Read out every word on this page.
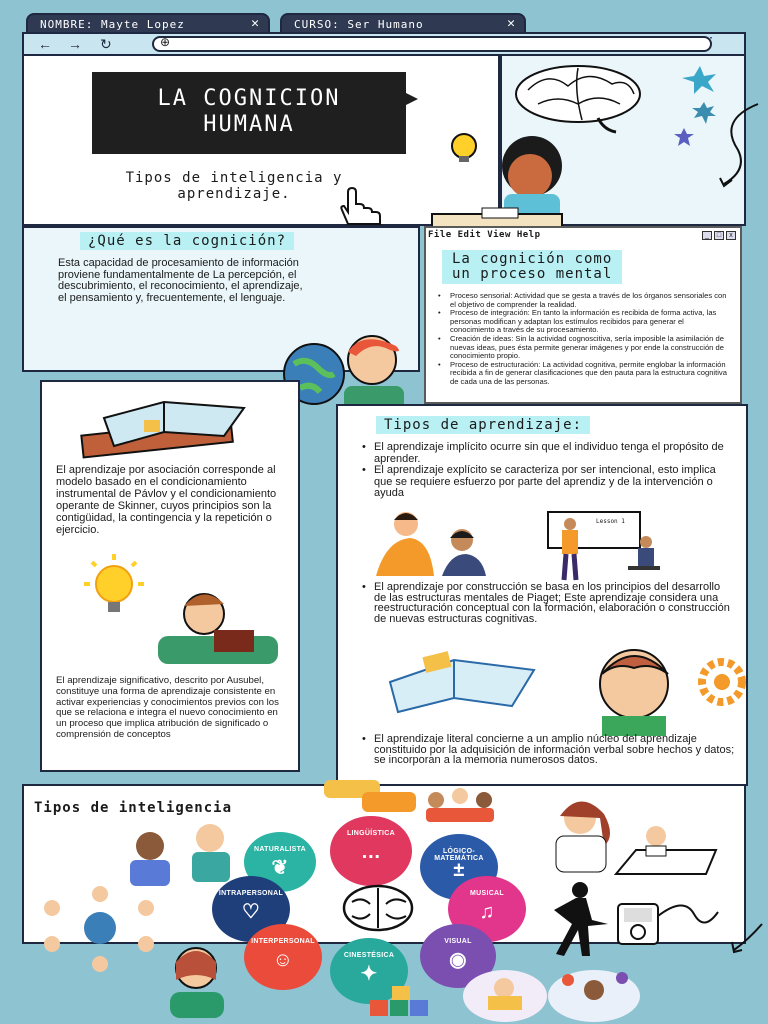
NOMBRE: Mayte Lopez	✕	CURSO: Ser Humano	✕
← → ↻	⊕	⋮
LA COGNICION
HUMANA
Tipos de inteligencia y aprendizaje.
¿Qué es la cognición?
Esta capacidad de procesamiento de información proviene fundamentalmente de La percepción, el descubrimiento, el reconocimiento, el aprendizaje, el pensamiento y, frecuentemente, el lenguaje.
File Edit View Help	_	□	x
La cognición como
un proceso mental
• Proceso sensorial: Actividad que se gesta a través de los órganos sensoriales con el objetivo de comprender la realidad.
• Proceso de integración: En tanto la información es recibida de forma activa, las personas modifican y adaptan los estímulos recibidos para generar el conocimiento a través de su procesamiento.
• Creación de ideas: Sin la actividad cognoscitiva, sería imposible la asimilación de nuevas ideas, pues ésta permite generar imágenes y por ende la construcción de conocimiento propio.
• Proceso de estructuración: La actividad cognitiva, permite englobar la información recibida a fin de generar clasificaciones que den pauta para la estructura cognitiva de cada una de las personas.
El aprendizaje por asociación corresponde al modelo basado en el condicionamiento instrumental de Pávlov y el condicionamiento operante de Skinner, cuyos principios son la contigüidad, la contingencia y la repetición o ejercicio.
El aprendizaje significativo, descrito por Ausubel, constituye una forma de aprendizaje consistente en activar experiencias y conocimientos previos con los que se relaciona e integra el nuevo conocimiento en un proceso que implica atribución de significado o comprensión de conceptos
Tipos de aprendizaje:
• El aprendizaje implícito ocurre sin que el individuo tenga el propósito de aprender.
• El aprendizaje explícito se caracteriza por ser intencional, esto implica que se requiere esfuerzo por parte del aprendiz y de la intervención o ayuda
Lesson 1
• El aprendizaje por construcción se basa en los principios del desarrollo de las estructuras mentales de Piaget; Este aprendizaje considera una reestructuración conceptual con la formación, elaboración o construcción de nuevas estructuras cognitivas.
• El aprendizaje literal concierne a un amplio núcleo del aprendizaje constituido por la adquisición de información verbal sobre hechos y datos; se incorporan a la memoria numerosos datos.
Tipos de inteligencia
NATURALISTA
❦
LINGÜÍSTICA
…	LÓGICO-MATEMÁTICA
±
INTRAPERSONAL
♡
MUSICAL
♫
INTERPERSONAL
☺	CINESTÉSICA
✦
VISUAL
◉
